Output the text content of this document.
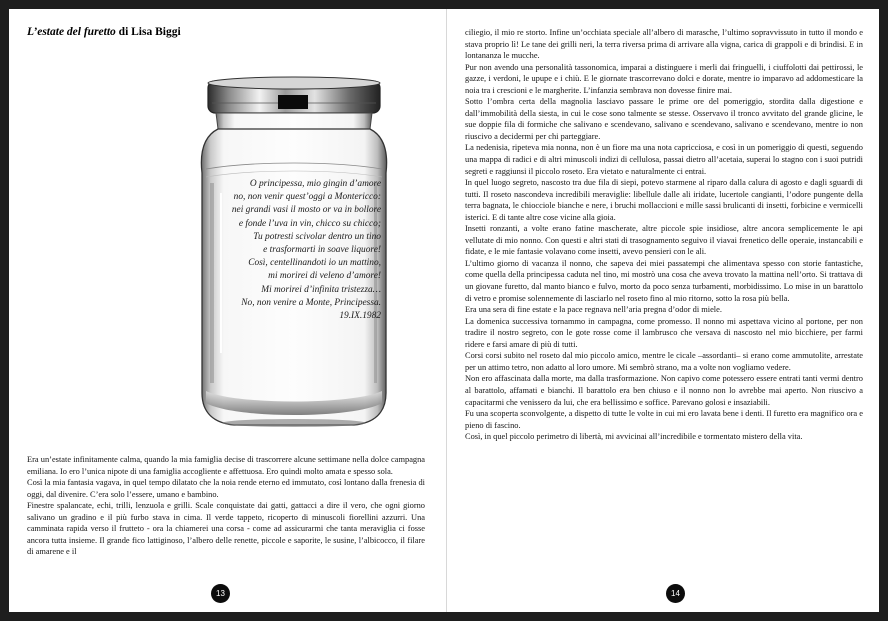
L’estate del furetto di Lisa Biggi
O principessa, mio gingin d’amore
no, non venir quest’oggi a Montericco:
nei grandi vasi il mosto or va in bollore
e fonde l’uva in vin, chicco su chicco;
Tu potresti scivolar dentro un tino
e trasformarti in soave liquore!
Così, centellinandoti io un mattino,
mi morirei di veleno d’amore!
Mi morirei d’infinita tristezza…
No, non venire a Monte, Principessa.
19.IX.1982

Era un’estate infinitamente calma, quando la mia famiglia decise di trascorrere alcune settimane nella dolce campagna emiliana. Io ero l’unica nipote di una famiglia accogliente e affettuosa. Ero quindi molto amata e spesso sola.

Così la mia fantasia vagava, in quel tempo dilatato che la noia rende eterno ed immutato, così lontano dalla frenesia di oggi, dal divenire. C’era solo l’essere, umano e bambino.

Finestre spalancate, echi, trilli, lenzuola e grilli. Scale conquistate dai gatti, gattacci a dire il vero, che ogni giorno salivano un gradino e il più furbo stava in cima. Il verde tappeto, ricoperto di minuscoli fiorellini azzurri. Una camminata rapida verso il frutteto - ora la chiamerei una corsa - come ad assicurarmi che tanta meraviglia ci fosse ancora tutta insieme. Il grande fico lattiginoso, l’albero delle renette, piccole e saporite, le susine, l’albicocco, il filare di amarene e il

13

ciliegio, il mio re storto. Infine un’occhiata speciale all’albero di marasche, l’ultimo sopravvissuto in tutto il mondo e stava proprio lì! Le tane dei grilli neri, la terra riversa prima di arrivare alla vigna, carica di grappoli e di brindisi. E in lontananza le mucche.

Pur non avendo una personalità tassonomica, imparai a distinguere i merli dai fringuelli, i ciuffolotti dai pettirossi, le gazze, i verdoni, le upupe e i chiù. E le giornate trascorrevano dolci e dorate, mentre io imparavo ad addomesticare la noia tra i crescioni e le margherite. L’infanzia sembrava non dovesse finire mai.

Sotto l’ombra certa della magnolia lasciavo passare le prime ore del pomeriggio, stordita dalla digestione e dall’immobilità della siesta, in cui le cose sono talmente se stesse. Osservavo il tronco avvitato del grande glicine, le sue doppie fila di formiche che salivano e scendevano, salivano e scendevano, salivano e scendevano, mentre io non riuscivo a decidermi per chi parteggiare.

La nedenisia, ripeteva mia nonna, non è un fiore ma una nota capricciosa, e così in un pomeriggio di questi, seguendo una mappa di radici e di altri minuscoli indizi di cellulosa, passai dietro all’acetaia, superai lo stagno con i suoi putridi segreti e raggiunsi il piccolo roseto. Era vietato e naturalmente ci entrai.

In quel luogo segreto, nascosto tra due fila di siepi, potevo starmene al riparo dalla calura di agosto e dagli sguardi di tutti. Il roseto nascondeva incredibili meraviglie: libellule dalle ali iridate, lucertole cangianti, l’odore pungente della terra bagnata, le chiocciole bianche e nere, i bruchi mollaccioni e mille sassi brulicanti di insetti, forbicine e vermicelli isterici. E di tante altre cose vicine alla gioia.

Insetti ronzanti, a volte erano fatine mascherate, altre piccole spie insidiose, altre ancora semplicemente le api vellutate di mio nonno. Con questi e altri stati di trasognamento seguivo il viavai frenetico delle operaie, instancabili e fidate, e le mie fantasie volavano come insetti, avevo pensieri con le ali.

L’ultimo giorno di vacanza il nonno, che sapeva dei miei passatempi che alimentava spesso con storie fantastiche, come quella della principessa caduta nel tino, mi mostrò una cosa che aveva trovato la mattina nell’orto. Si trattava di un giovane furetto, dal manto bianco e fulvo, morto da poco senza turbamenti, morbidissimo. Lo mise in un barattolo di vetro e promise solennemente di lasciarlo nel roseto fino al mio ritorno, sotto la rosa più bella.

Era una sera di fine estate e la pace regnava nell’aria pregna d’odor di miele.

La domenica successiva tornammo in campagna, come promesso. Il nonno mi aspettava vicino al portone, per non tradire il nostro segreto, con le gote rosse come il lambrusco che versava di nascosto nel mio bicchiere, per farmi ridere e farsi amare di più di tutti.

Corsi corsi subito nel roseto dal mio piccolo amico, mentre le cicale –assordanti– si erano come ammutolite, arrestate per un attimo tetro, non adatto al loro umore. Mi sembrò strano, ma a volte non vogliamo vedere.

Non ero affascinata dalla morte, ma dalla trasformazione. Non capivo come potessero essere entrati tanti vermi dentro al barattolo, affamati e bianchi. Il barattolo era ben chiuso e il nonno non lo avrebbe mai aperto. Non riuscivo a capacitarmi che venissero da lui, che era bellissimo e soffice. Parevano golosi e insaziabili.

Fu una scoperta sconvolgente, a dispetto di tutte le volte in cui mi ero lavata bene i denti. Il furetto era magnifico ora e pieno di fascino.

Così, in quel piccolo perimetro di libertà, mi avvicinai all’incredibile e tormentato mistero della vita.

14
